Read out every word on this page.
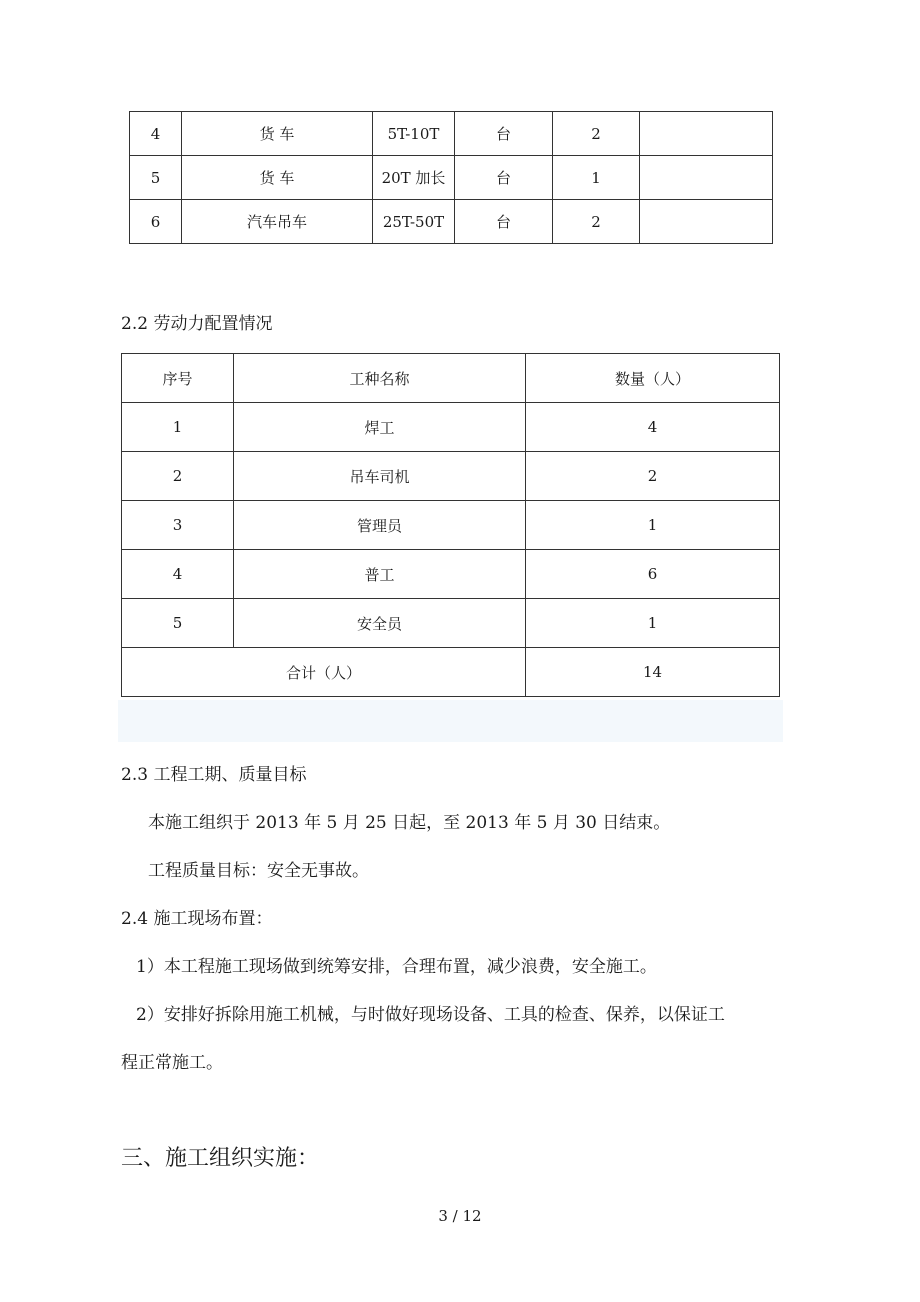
4	货 车	5T-10T	台	2	
5	货 车	20T 加长	台	1	
6	汽车吊车	25T-50T	台	2	
2.2 劳动力配置情况
序号	工种名称	数量（人）
1	焊工	4
2	吊车司机	2
3	管理员	1
4	普工	6
5	安全员	1
合计（人）		14
2.3 工程工期、质量目标
本施工组织于 2013 年 5 月 25 日起，至 2013 年 5 月 30 日结束。
工程质量目标：安全无事故。
2.4 施工现场布置：
1）本工程施工现场做到统筹安排，合理布置，减少浪费，安全施工。
2）安排好拆除用施工机械，与时做好现场设备、工具的检查、保养，以保证工
程正常施工。
三、施工组织实施：
3 / 12
